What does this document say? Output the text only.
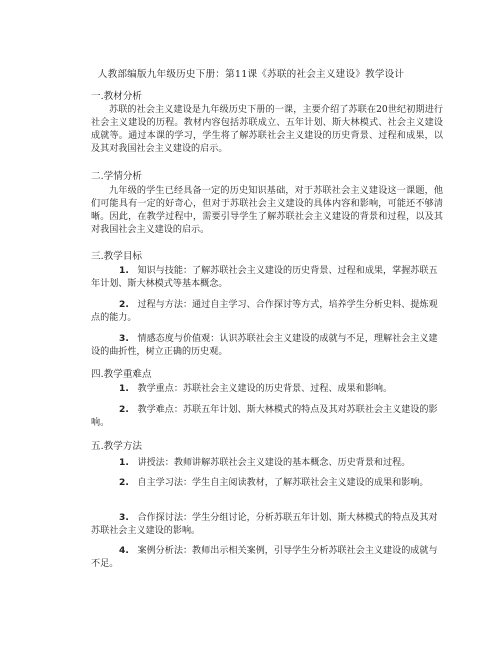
人教部编版九年级历史下册：第11课《苏联的社会主义建设》教学设计
一.教材分析
苏联的社会主义建设是九年级历史下册的一课，主要介绍了苏联在20世纪初期进行社会主义建设的历程。教材内容包括苏联成立、五年计划、斯大林模式、社会主义建设成就等。通过本课的学习，学生将了解苏联社会主义建设的历史背景、过程和成果，以及其对我国社会主义建设的启示。
二.学情分析
九年级的学生已经具备一定的历史知识基础，对于苏联社会主义建设这一课题，他们可能具有一定的好奇心，但对于苏联社会主义建设的具体内容和影响，可能还不够清晰。因此，在教学过程中，需要引导学生了解苏联社会主义建设的背景和过程，以及其对我国社会主义建设的启示。
三.教学目标
1. 知识与技能：了解苏联社会主义建设的历史背景、过程和成果，掌握苏联五年计划、斯大林模式等基本概念。
2. 过程与方法：通过自主学习、合作探讨等方式，培养学生分析史料、提炼观点的能力。
3. 情感态度与价值观：认识苏联社会主义建设的成就与不足，理解社会主义建设的曲折性，树立正确的历史观。
四.教学重难点
1. 教学重点：苏联社会主义建设的历史背景、过程、成果和影响。
2. 教学难点：苏联五年计划、斯大林模式的特点及其对苏联社会主义建设的影响。
五.教学方法
1. 讲授法：教师讲解苏联社会主义建设的基本概念、历史背景和过程。
2. 自主学习法：学生自主阅读教材，了解苏联社会主义建设的成果和影响。
3. 合作探讨法：学生分组讨论，分析苏联五年计划、斯大林模式的特点及其对苏联社会主义建设的影响。
4. 案例分析法：教师出示相关案例，引导学生分析苏联社会主义建设的成就与不足。
